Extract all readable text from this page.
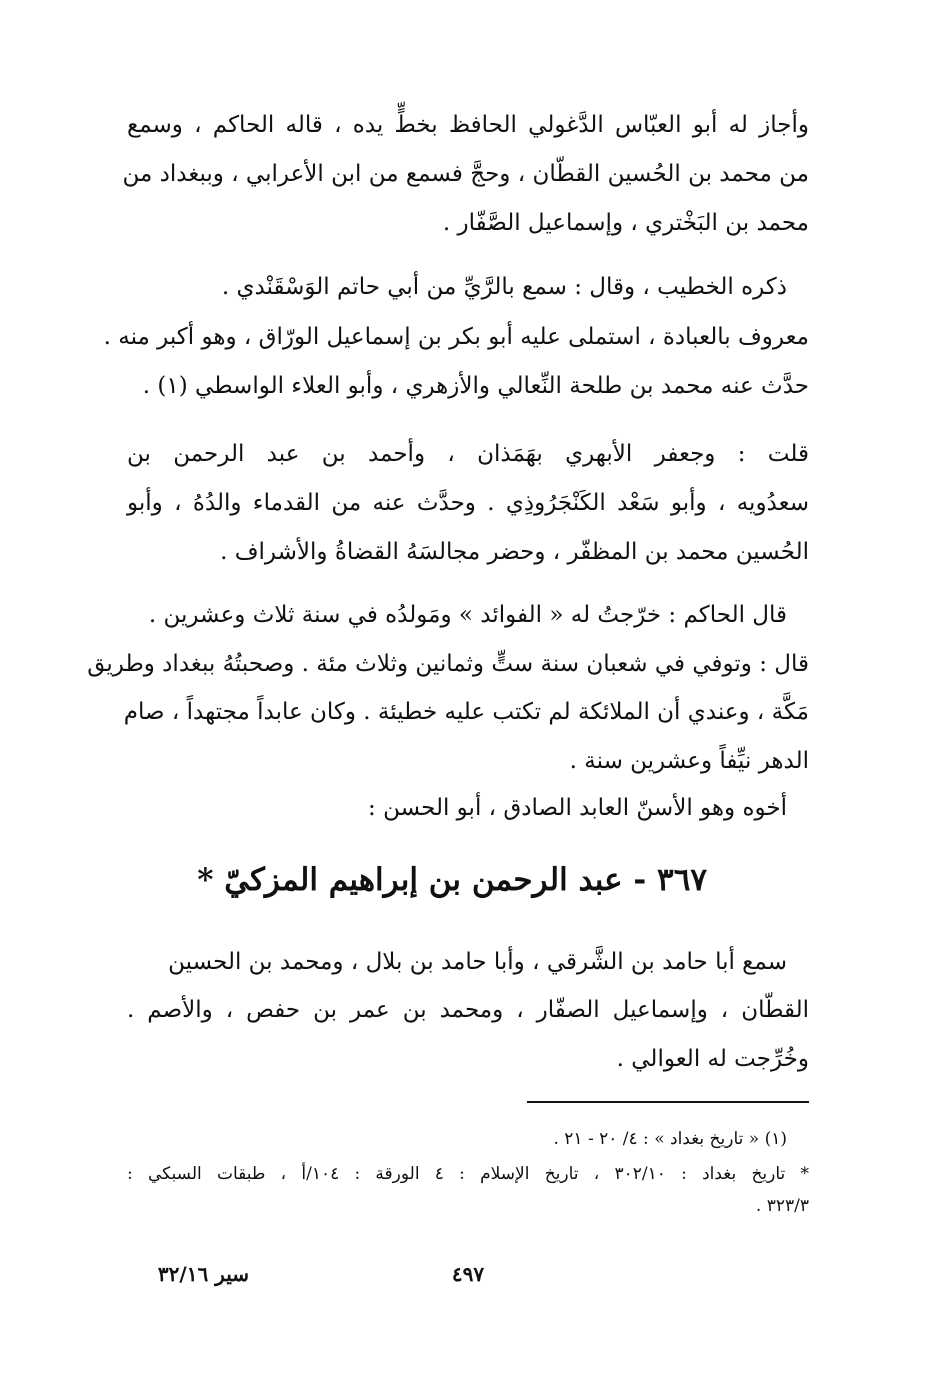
وأجاز له أبو العبّاس الدَّغولي الحافظ بخطٍّ يده ، قاله الحاكم ، وسمع
من محمد بن الحُسين القطّان ، وحجَّ فسمع من ابن الأعرابي ، وببغداد من
محمد بن البَخْتري ، وإسماعيل الصَّفّار .
ذكره الخطيب ، وقال : سمع بالرَّيِّ من أبي حاتم الوَسْقَنْدي .
معروف بالعبادة ، استملى عليه أبو بكر بن إسماعيل الورّاق ، وهو أكبر منه .
حدَّث عنه محمد بن طلحة النِّعالي والأزهري ، وأبو العلاء الواسطي (١) .
قلت : وجعفر الأبهري بهَمَذان ، وأحمد بن عبد الرحمن بن
سعدُويه ، وأبو سَعْد الكَنْجَرُوذِي . وحدَّث عنه من القدماء والدُهُ ، وأبو
الحُسين محمد بن المظفّر ، وحضر مجالسَهُ القضاةُ والأشراف .
قال الحاكم : خرّجتُ له « الفوائد » ومَولدُه في سنة ثلاث وعشرين .
قال : وتوفي في شعبان سنة ستٍّ وثمانين وثلاث مئة . وصحبتُهُ ببغداد وطريق
مَكَّة ، وعندي أن الملائكة لم تكتب عليه خطيئة . وكان عابداً مجتهداً ، صام
الدهر نيِّفاً وعشرين سنة .
أخوه وهو الأسنّ العابد الصادق ، أبو الحسن :
٣٦٧ - عبد الرحمن بن إبراهيم المزكيّ *
سمع أبا حامد بن الشَّرقي ، وأبا حامد بن بلال ، ومحمد بن الحسين
القطّان ، وإسماعيل الصفّار ، ومحمد بن عمر بن حفص ، والأصم .
وخُرِّجت له العوالي .
(١) « تاريخ بغداد » : ٤/ ٢٠ - ٢١ .
* تاريخ بغداد : ٣٠٢/١٠ ، تاريخ الإسلام : ٤ الورقة : ١٠٤/أ ، طبقات السبكي :
٣٢٣/٣ .
٤٩٧
سير ٣٢/١٦
